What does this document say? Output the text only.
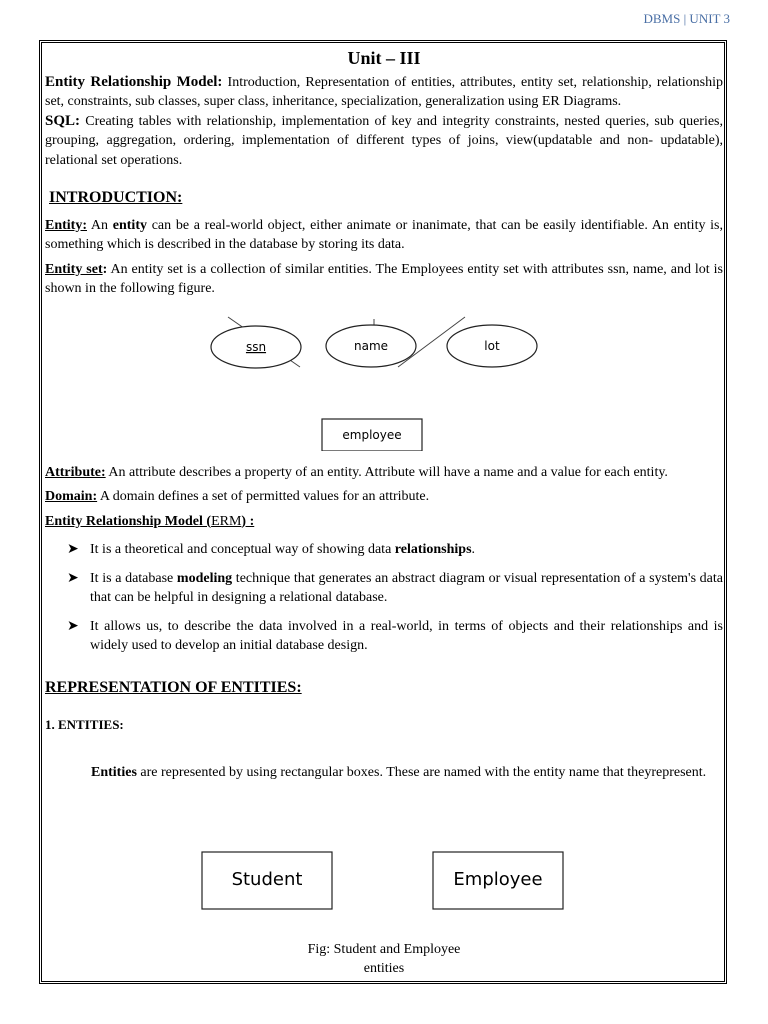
DBMS | UNIT 3
Unit – III

Entity Relationship Model: Introduction, Representation of entities, attributes, entity set, relationship, relationship set, constraints, sub classes, super class, inheritance, specialization, generalization using ER Diagrams.

SQL: Creating tables with relationship, implementation of key and integrity constraints, nested queries, sub queries, grouping, aggregation, ordering, implementation of different types of joins, view(updatable and non- updatable), relational set operations.

INTRODUCTION:

Entity: An entity can be a real-world object, either animate or inanimate, that can be easily identifiable. An entity is, something which is described in the database by storing its data.

Entity set: An entity set is a collection of similar entities. The Employees entity set with attributes ssn, name, and lot is shown in the following figure.

ssn	name	lot
employee

Attribute: An attribute describes a property of an entity. Attribute will have a name and a value for each entity.

Domain: A domain defines a set of permitted values for an attribute.

Entity Relationship Model (ERM) :

➤ It is a theoretical and conceptual way of showing data relationships.
➤ It is a database modeling technique that generates an abstract diagram or visual representation of a system's data that can be helpful in designing a relational database.
➤ It allows us, to describe the data involved in a real-world, in terms of objects and their relationships and is widely used to develop an initial database design.
REPRESENTATION OF ENTITIES:
1. ENTITIES:

Entities are represented by using rectangular boxes. These are named with the entity name that theyrepresent.

Student	Employee
Fig: Student and Employee
entities
